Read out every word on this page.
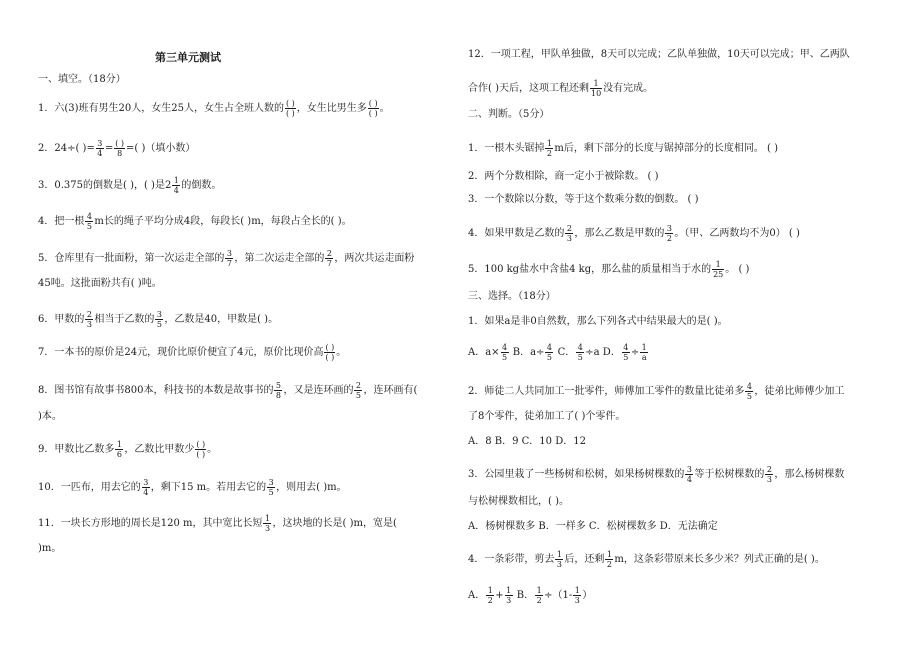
第三单元测试
一、填空。（18分）
1．六(3)班有男生20人，女生25人，女生占全班人数的 $\frac{( )}{( )}$ ，女生比男生多 $\frac{( )}{( )}$ 。
2．24÷( )= $\frac{3}{4} = \frac{( )}{8}$ =( )（填小数）
3．0.375的倒数是( )，( )是$2 \frac{1}{4}$ 的倒数。
4．把一根 $\frac{4}{5}$ m长的绳子平均分成4段，每段长( )m，每段占全长的( )。
5．仓库里有一批面粉，第一次运走全部的 $\frac{3}{7}$ ，第二次运走全部的 $\frac{2}{7}$ ，两次共运走面粉
45吨。这批面粉共有( )吨。
6．甲数的 $\frac{2}{3}$ 相当于乙数的 $\frac{3}{5}$ ，乙数是40，甲数是( )。
7．一本书的原价是24元，现价比原价便宜了4元，原价比现价高 $\frac{( )}{( )}$ 。
8．图书馆有故事书800本，科技书的本数是故事书的 $\frac{5}{8}$ ，又是连环画的 $\frac{2}{5}$ ，连环画有(
)本。
9．甲数比乙数多 $\frac{1}{6}$ ，乙数比甲数少 $\frac{( )}{( )}$ 。
10．一匹布，用去它的 $\frac{3}{4}$ ，剩下15 m。若用去它的 $\frac{3}{5}$ ，则用去( )m。
11．一块长方形地的周长是120 m，其中宽比长短 $\frac{1}{3}$ ，这块地的长是( )m，宽是(
)m。
12．一项工程，甲队单独做，8天可以完成；乙队单独做，10天可以完成；甲、乙两队
合作( )天后，这项工程还剩 $\frac{1}{10}$ 没有完成。
二、判断。（5分）
1．一根木头锯掉 $\frac{1}{2}$ m后，剩下部分的长度与锯掉部分的长度相同。 ( )
2．两个分数相除，商一定小于被除数。 ( )
3．一个数除以分数，等于这个数乘分数的倒数。 ( )
4．如果甲数是乙数的 $\frac{2}{3}$ ，那么乙数是甲数的 $\frac{3}{2}$ 。（甲、乙两数均不为0） ( )
5．100 kg盐水中含盐4 kg，那么盐的质量相当于水的 $\frac{1}{25}$ 。 ( )
三、选择。（18分）
1．如果a是非0自然数，那么下列各式中结果最大的是( )。
A．$a\times \frac{4}{5}$ B．$a\div \frac{4}{5}$ C． $\frac{4}{5} \div a$ D． $\frac{4}{5} \div \frac{1}{a}$
2．师徒二人共同加工一批零件，师傅加工零件的数量比徒弟多 $\frac{4}{5}$ ，徒弟比师傅少加工
了8个零件，徒弟加工了( )个零件。
A．8 B．9 C．10 D．12
3．公园里栽了一些杨树和松树，如果杨树棵数的 $\frac{3}{4}$ 等于松树棵数的 $\frac{2}{3}$ ，那么杨树棵数
与松树棵数相比，( )。
A．杨树棵数多 B．一样多 C．松树棵数多 D．无法确定
4．一条彩带，剪去 $\frac{1}{3}$ 后，还剩 $\frac{1}{2}$ m，这条彩带原来长多少米？列式正确的是( )。
A． $\frac{1}{2} + \frac{1}{3}$ B． $\frac{1}{2} \div(1- \frac{1}{3}$ ）
